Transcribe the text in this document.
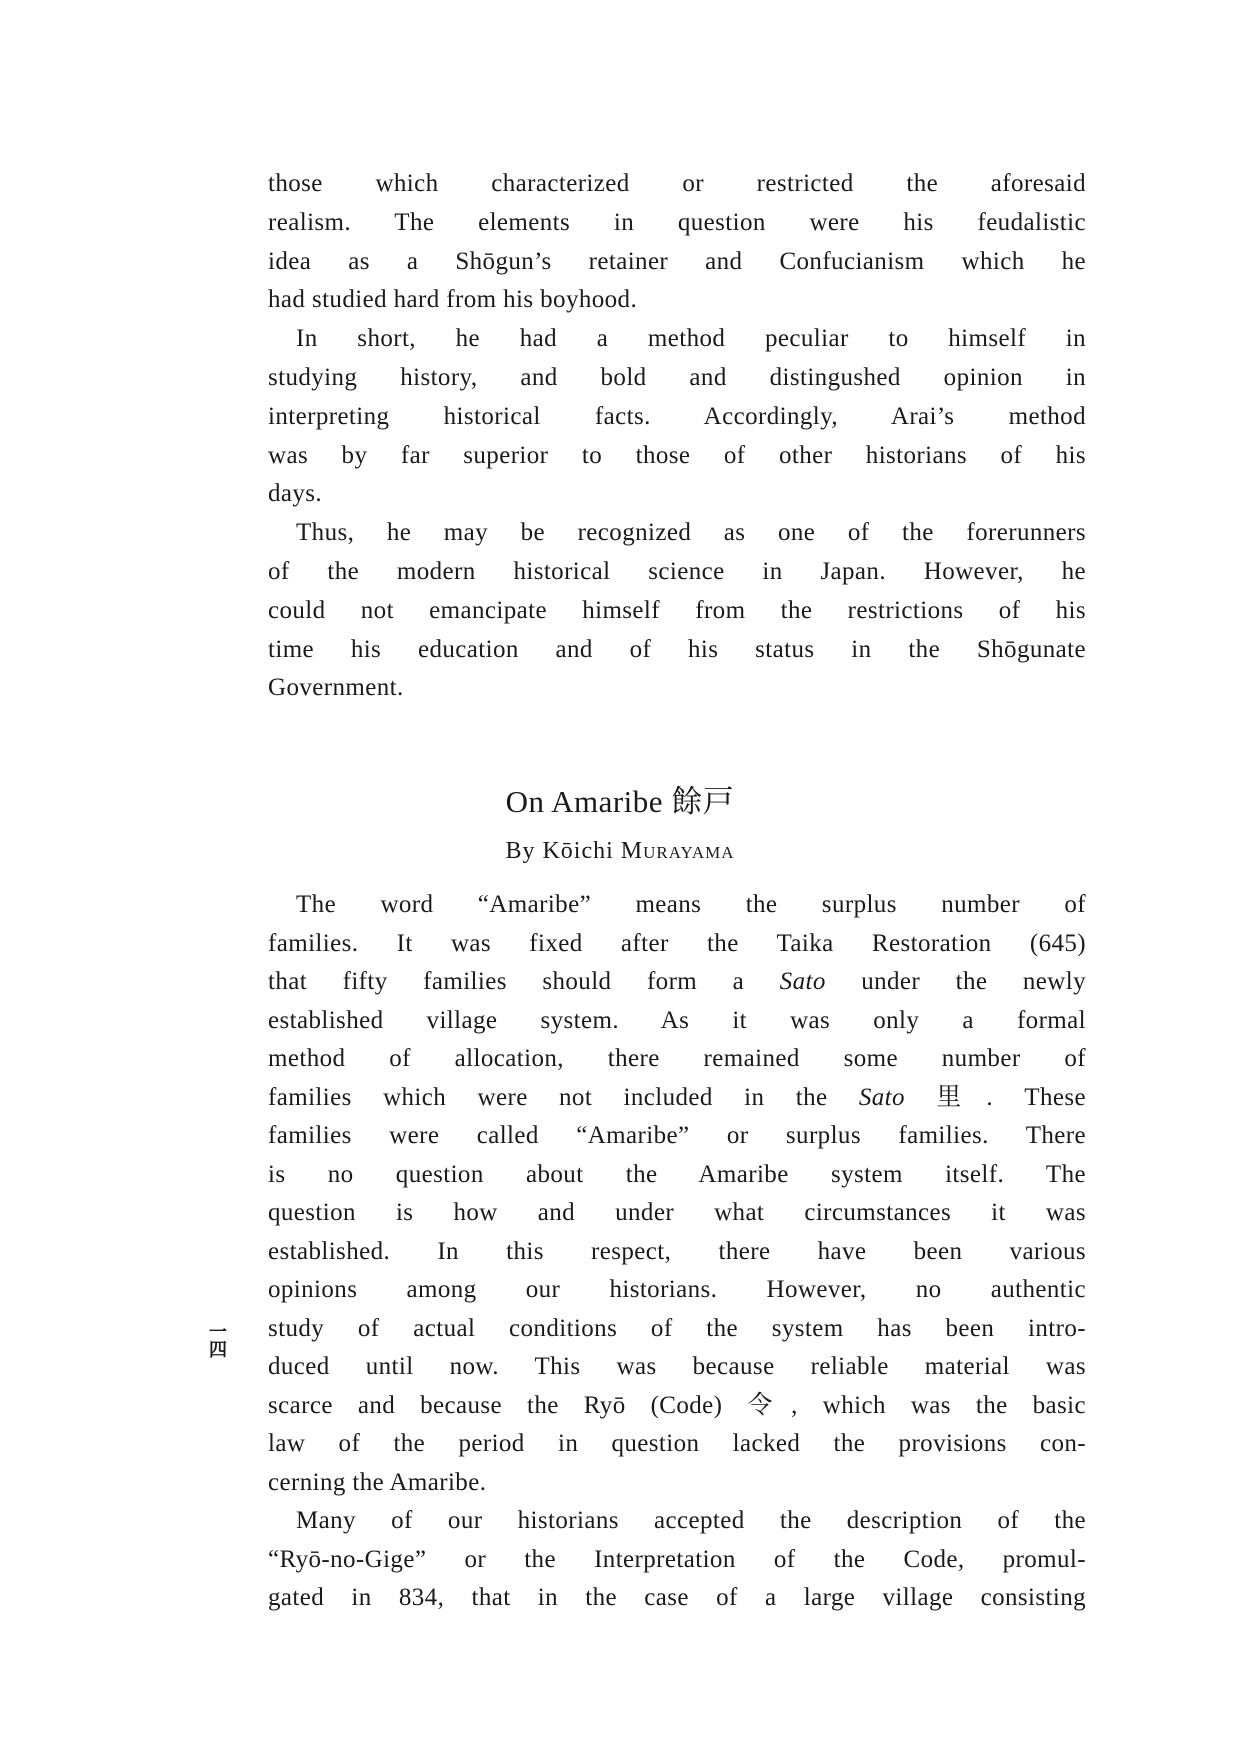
一四
On Amaribe 餘戸
By Kōichi Murayama
those which characterized or restricted the aforesaid
realism. The elements in question were his feudalistic
idea as a Shōgun’s retainer and Confucianism which he
had studied hard from his boyhood.
In short, he had a method peculiar to himself in
studying history, and bold and distingushed opinion in
interpreting historical facts. Accordingly, Arai’s method
was by far superior to those of other historians of his
days.
Thus, he may be recognized as one of the forerunners
of the modern historical science in Japan. However, he
could not emancipate himself from the restrictions of his
time his education and of his status in the Shōgunate
Government.
The word “Amaribe” means the surplus number of
families. It was fixed after the Taika Restoration (645)
that fifty families should form a Sato under the newly
established village system. As it was only a formal
method of allocation, there remained some number of
families which were not included in the Sato 里. These
families were called “Amaribe” or surplus families. There
is no question about the Amaribe system itself. The
question is how and under what circumstances it was
established. In this respect, there have been various
opinions among our historians. However, no authentic
study of actual conditions of the system has been intro-
duced until now. This was because reliable material was
scarce and because the Ryō (Code) 令, which was the basic
law of the period in question lacked the provisions con-
cerning the Amaribe.
Many of our historians accepted the description of the
“Ryō-no-Gige” or the Interpretation of the Code, promul-
gated in 834, that in the case of a large village consisting
